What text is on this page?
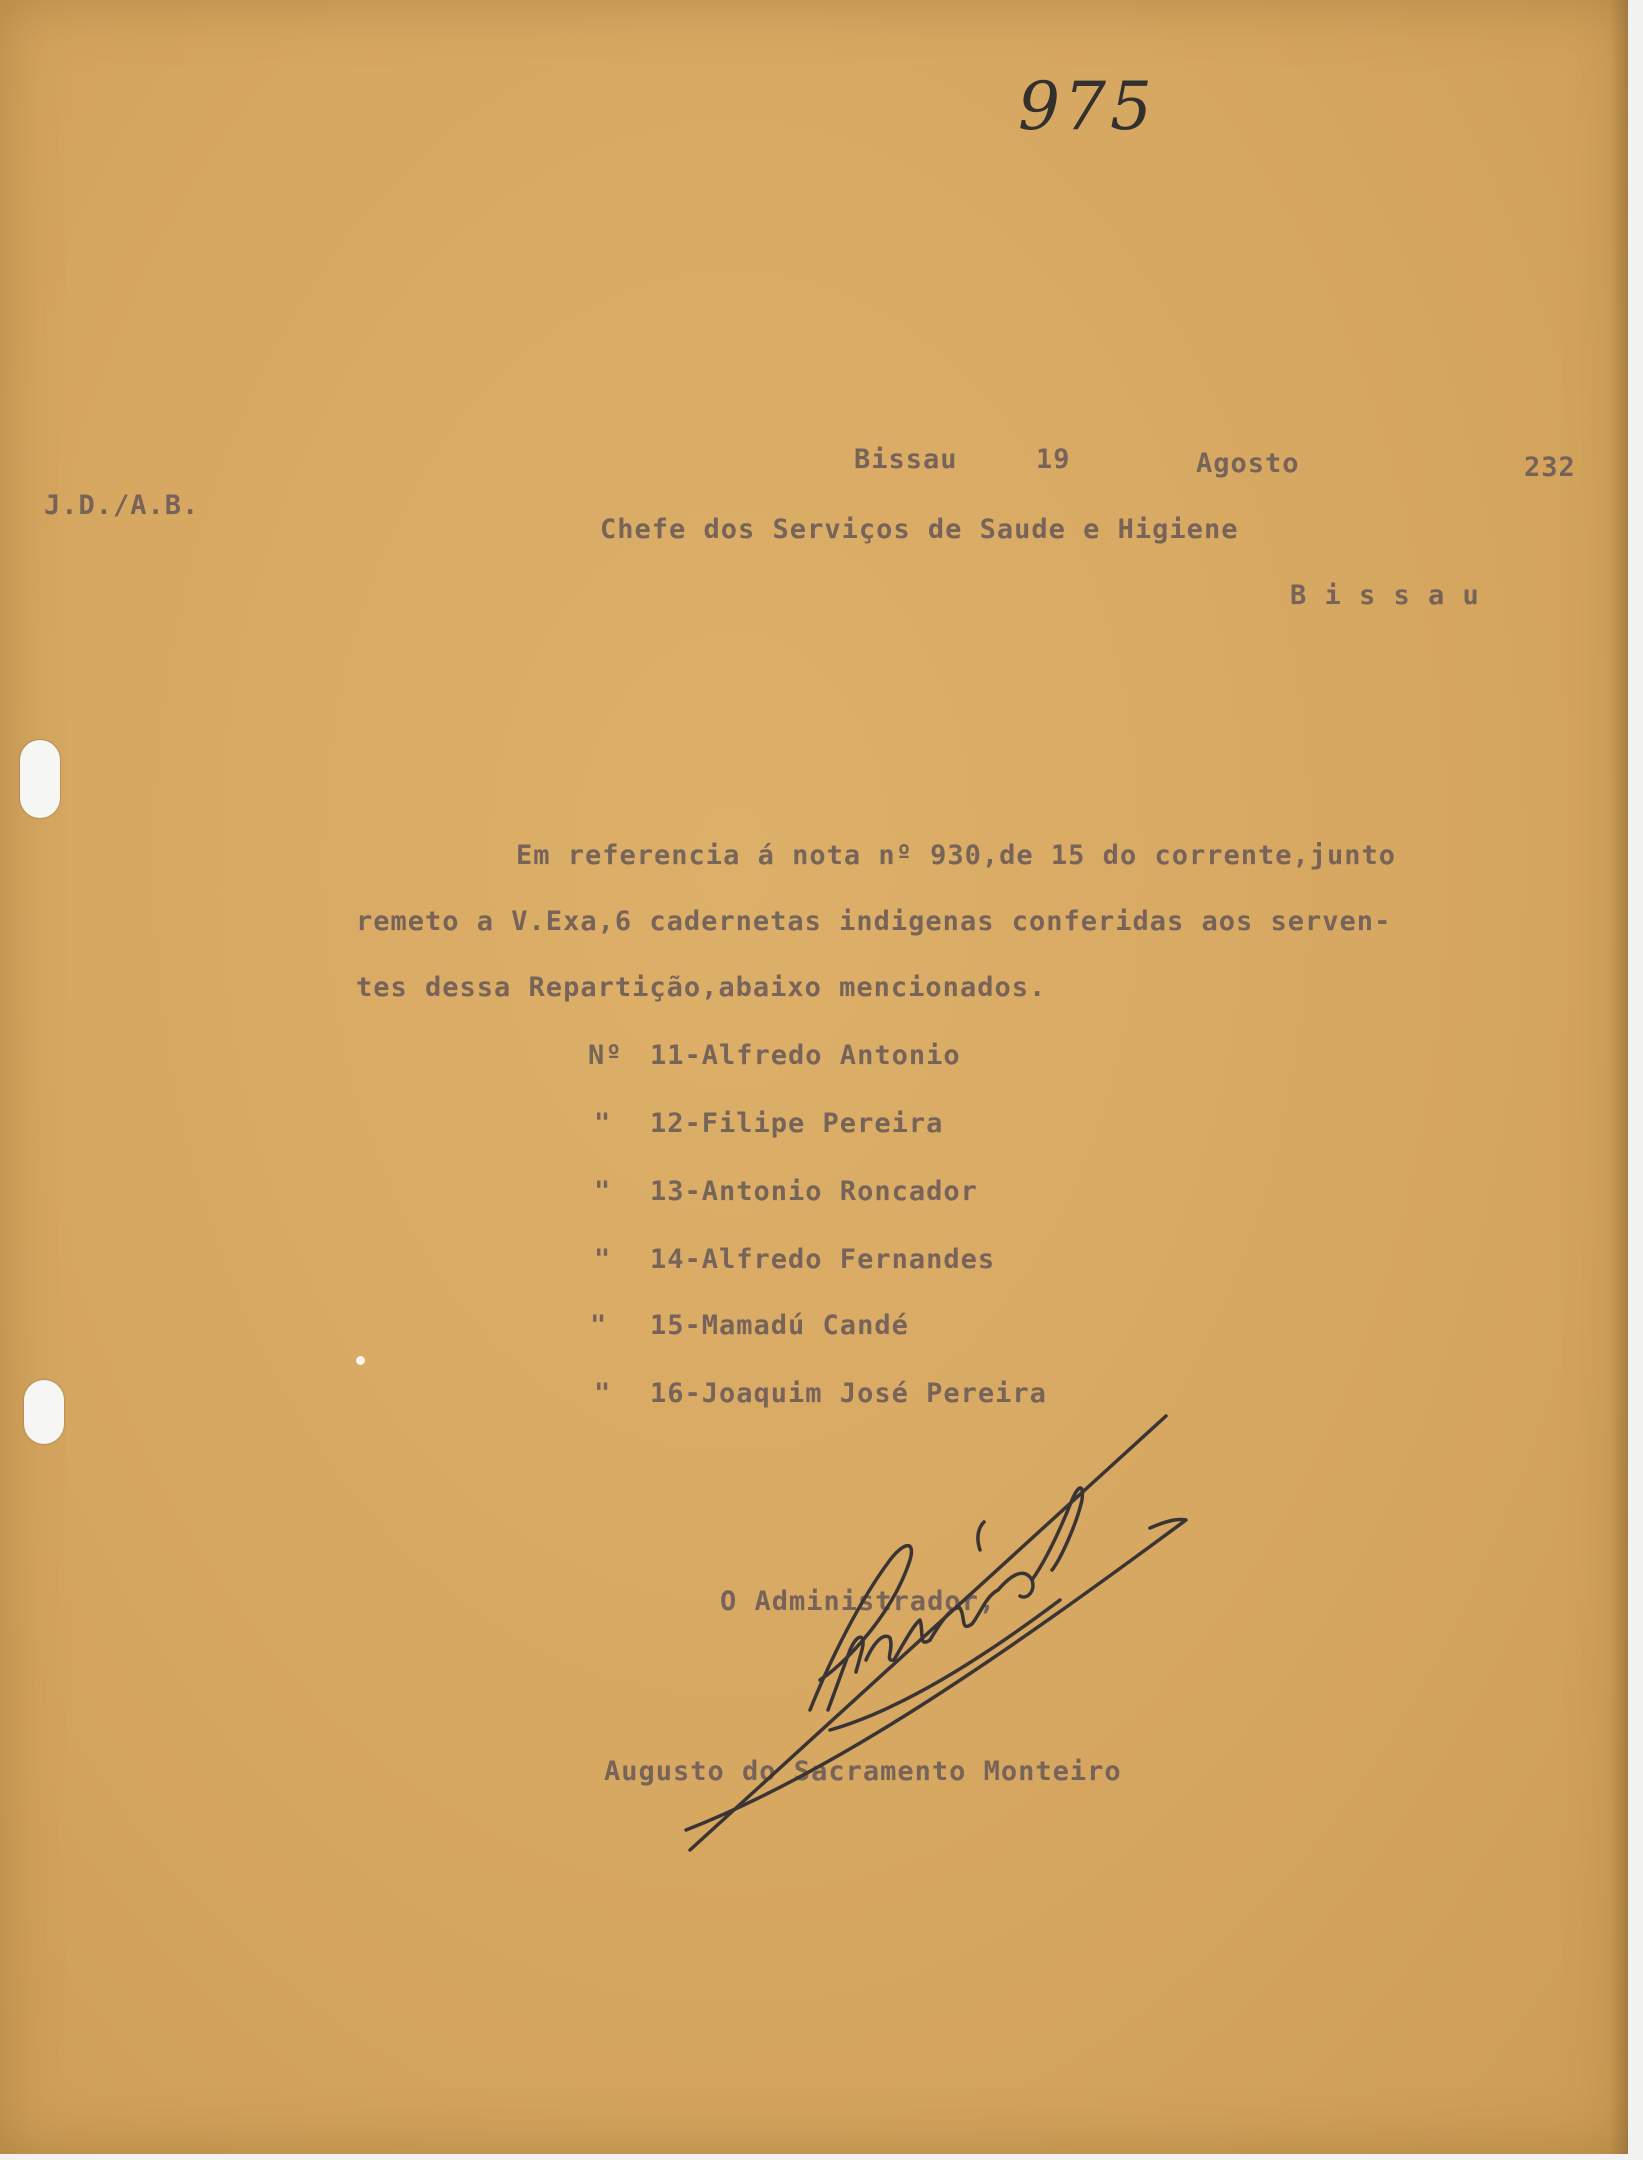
975

Bissau	19	Agosto	232

J.D./A.B.

Chefe dos Serviços de Saude e Higiene

B i s s a u

Em referencia á nota nº 930,de 15 do corrente,junto

remeto a V.Exa,6 cadernetas indigenas conferidas aos serven-

tes dessa Repartição,abaixo mencionados.

Nº 11-Alfredo Antonio

" 12-Filipe Pereira

" 13-Antonio Roncador

" 14-Alfredo Fernandes

" 15-Mamadú Candé

" 16-Joaquim José Pereira

O Administrador,

Augusto do Sacramento Monteiro
